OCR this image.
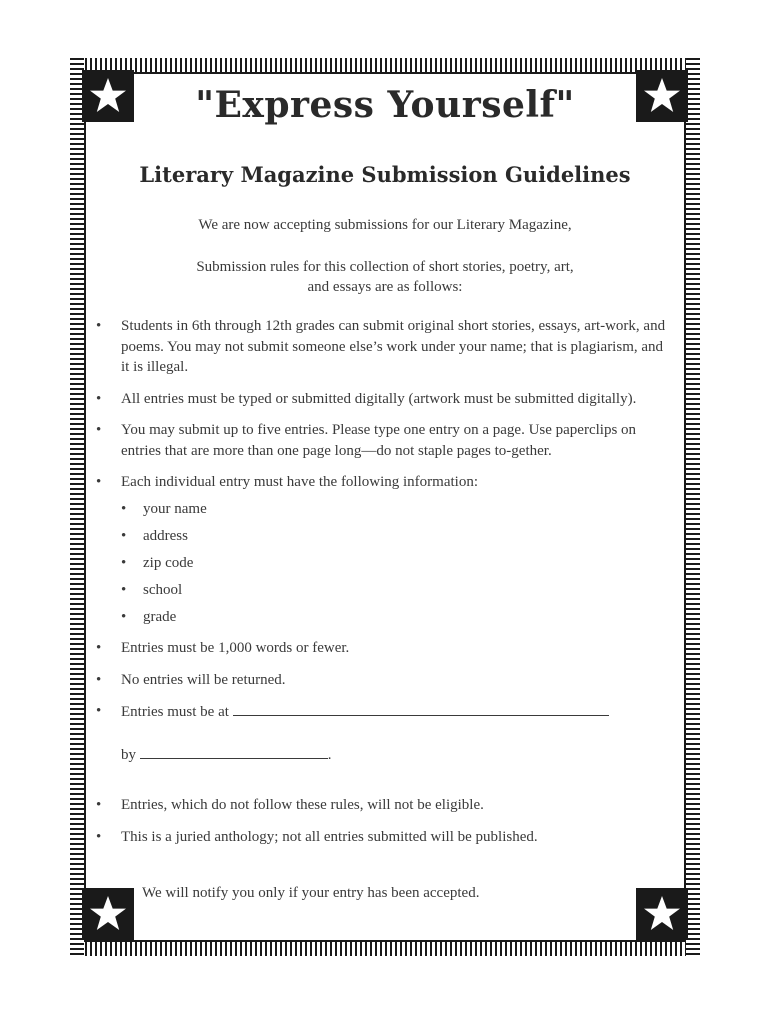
"Express Yourself"
Literary Magazine Submission Guidelines
We are now accepting submissions for our Literary Magazine,
Submission rules for this collection of short stories, poetry, art,
and essays are as follows:
• Students in 6th through 12th grades can submit original short stories, essays, art-work, and poems. You may not submit someone else’s work under your name; that is plagiarism, and it is illegal.
• All entries must be typed or submitted digitally (artwork must be submitted digitally).
• You may submit up to five entries. Please type one entry on a page. Use paperclips on entries that are more than one page long—do not staple pages to-gether.
• Each individual entry must have the following information:
• your name
• address
• zip code
• school
• grade
• Entries must be 1,000 words or fewer.
• No entries will be returned.
• Entries must be at
by	.
• Entries, which do not follow these rules, will not be eligible.
• This is a juried anthology; not all entries submitted will be published.
We will notify you only if your entry has been accepted.
